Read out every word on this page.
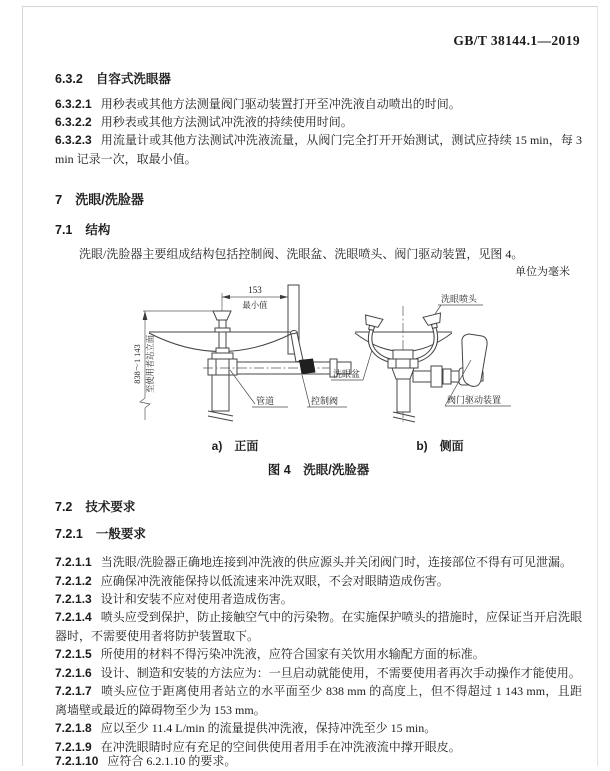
GB/T 38144.1—2019
6.3.2 自容式洗眼器
6.3.2.1 用秒表或其他方法测量阀门驱动装置打开至冲洗液自动喷出的时间。
6.3.2.2 用秒表或其他方法测试冲洗液的持续使用时间。
6.3.2.3 用流量计或其他方法测试冲洗液流量，从阀门完全打开开始测试，测试应持续 15 min，每 3 min 记录一次，取最小值。
7 洗眼/洗脸器
7.1 结构
洗眼/洗脸器主要组成结构包括控制阀、洗眼盆、洗眼喷头、阀门驱动装置，见图 4。
单位为毫米
838～1 143 至使用者站立面
153
最小值
管道	控制阀
洗眼喷头
洗眼盆
阀门驱动装置
a)　正面	b)　侧面
图 4　洗眼/洗脸器
7.2 技术要求
7.2.1 一般要求
7.2.1.1 当洗眼/洗脸器正确地连接到冲洗液的供应源头并关闭阀门时，连接部位不得有可见泄漏。
7.2.1.2 应确保冲洗液能保持以低流速来冲洗双眼，不会对眼睛造成伤害。
7.2.1.3 设计和安装不应对使用者造成伤害。
7.2.1.4 喷头应受到保护，防止接触空气中的污染物。在实施保护喷头的措施时，应保证当开启洗眼器时，不需要使用者将防护装置取下。
7.2.1.5 所使用的材料不得污染冲洗液，应符合国家有关饮用水输配方面的标准。
7.2.1.6 设计、制造和安装的方法应为：一旦启动就能使用，不需要使用者再次手动操作才能使用。
7.2.1.7 喷头应位于距离使用者站立的水平面至少 838 mm 的高度上，但不得超过 1 143 mm，且距离墙壁或最近的障碍物至少为 153 mm。
7.2.1.8 应以至少 11.4 L/min 的流量提供冲洗液，保持冲洗至少 15 min。
7.2.1.9 在冲洗眼睛时应有充足的空间供使用者用手在冲洗液流中撑开眼皮。
7.2.1.10 应符合 6.2.1.10 的要求。
